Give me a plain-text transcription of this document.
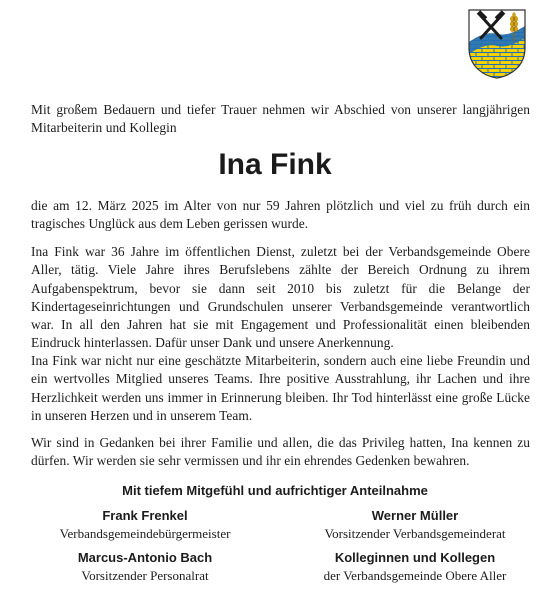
Mit großem Bedauern und tiefer Trauer nehmen wir Abschied von unserer langjährigen Mitarbeiterin und Kollegin

Ina Fink

die am 12. März 2025 im Alter von nur 59 Jahren plötzlich und viel zu früh durch ein tragisches Unglück aus dem Leben gerissen wurde.

Ina Fink war 36 Jahre im öffentlichen Dienst, zuletzt bei der Verbandsgemeinde Obere Aller, tätig. Viele Jahre ihres Berufslebens zählte der Bereich Ordnung zu ihrem Aufgabenspektrum, bevor sie dann seit 2010 bis zuletzt für die Belange der Kindertageseinrichtungen und Grundschulen unserer Verbandsgemeinde verantwortlich war. In all den Jahren hat sie mit Engagement und Professionalität einen bleibenden Eindruck hinterlassen. Dafür unser Dank und unsere Anerkennung.

Ina Fink war nicht nur eine geschätzte Mitarbeiterin, sondern auch eine liebe Freundin und ein wertvolles Mitglied unseres Teams. Ihre positive Ausstrahlung, ihr Lachen und ihre Herzlichkeit werden uns immer in Erinnerung bleiben. Ihr Tod hinterlässt eine große Lücke in unseren Herzen und in unserem Team.

Wir sind in Gedanken bei ihrer Familie und allen, die das Privileg hatten, Ina kennen zu dürfen. Wir werden sie sehr vermissen und ihr ein ehrendes Gedenken bewahren.

Mit tiefem Mitgefühl und aufrichtiger Anteilnahme
Frank Frenkel
Verbandsgemeindebürgermeister
Werner Müller
Vorsitzender Verbandsgemeinderat
Marcus-Antonio Bach
Vorsitzender Personalrat
Kolleginnen und Kollegen
der Verbandsgemeinde Obere Aller
